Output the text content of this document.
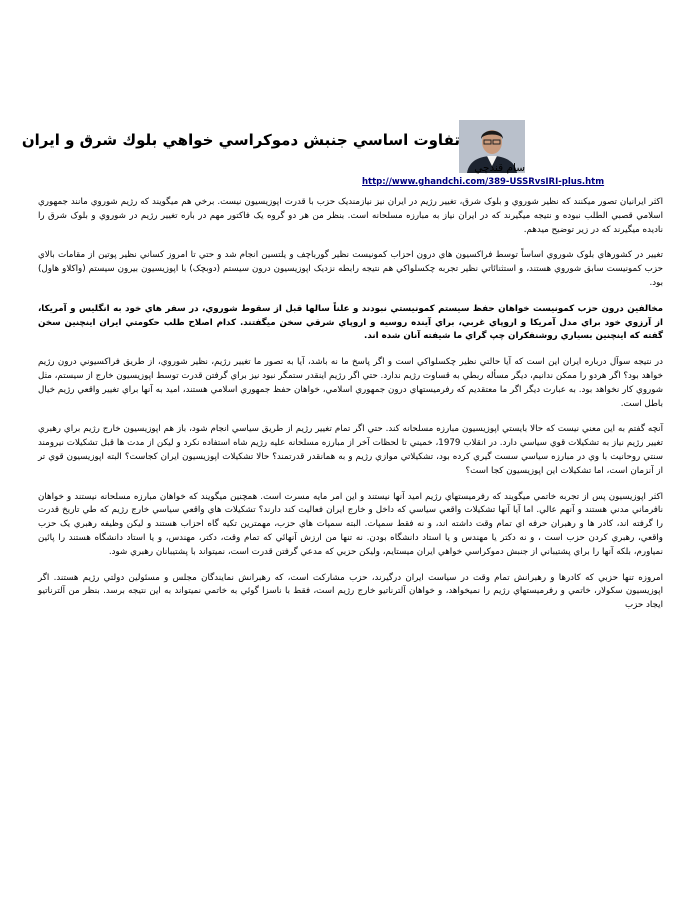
تفاوت اساسي جنبش دموكراسي خواهي بلوك شرق و ايران
سام قندچي
http://www.ghandchi.com/389-USSRvsIRI-plus.htm

اكثر ايرانيان تصور ميكنند كه نظير شوروي و بلوک شرق، تغيير رژيم در ايران نيز نيازمنديک حزب با قدرت اپوزيسيون نيست. برخي هم ميگويند كه رژيم شوروي مانند جمهوري اسلامي قصبي الطلب نبوده و نتيجه ميگيرند كه در ايران نياز به مبارزه مسلحانه است. بنظر من هر دو گروه يک فاكتور مهم در باره تغيير رژيم در شوروي و بلوک شرق را ناديده ميگيرند كه در زير توضيح ميدهم.

تغيير در كشورهاي بلوک شوروي اساساً توسط فراكسيون هاي درون احزاب كمونيست نظير گورباچف و يلتسين انجام شد و حتي تا امروز كساني نظير پوتين از مقامات بالاي حزب كمونيست سابق شوروي هستند، و استثنائاتي نظير تجربه چكسلواكي هم نتيجه رابطه نزديک اپوزيسيون درون سيستم (دوبچک) با اپوزيسيون بيرون سيستم (واكلاو هاول) بود.

مخالفين درون حزب كمونيست خواهان حفظ سيستم كمونيستي نبودند و علناً سالها قبل از سقوط شوروي، در سفر هاي خود به انگليس و آمريكا، از آرزوي خود براي مدل آمريكا و اروپاي غربي، براي آينده روسيه و اروپاي شرقي سخن ميگفتند. كدام اصلاح طلب حكومتي ايران اينچنين سخن گفته كه اينچنين بسياري روشنفكران چپ گراي ما شيفته آنان شده اند.

در نتيجه سوآل درباره ايران اين است كه آيا حالتي نظير چكسلواكي است و اگر پاسخ ما نه باشد، آيا به تصور ما تغيير رژيم، نظير شوروي، از طريق فراكسيوني درون رژيم خواهد بود؟ اگر هردو را ممكن ندانيم، ديگر مسأله ربطي به قساوت رژيم ندارد. حتي اگر رژيم اينقدر ستمگر نبود نيز براي گرفتن قدرت توسط اپوزيسيون خارج از سيستم، مثل شوروي كار نخواهد بود. به عبارت ديگر اگر ما معتقديم كه رفرميستهاي درون جمهوري اسلامي، خواهان حفظ جمهوري اسلامي هستند، اميد به آنها براي تغيير واقعي رژيم خيال باطل است.

آنچه گفتم به اين معني نيست كه حالا بايستي اپوزيسيون مبارزه مسلحانه كند. حتي اگر تمام تغيير رژيم از طريق سياسي انجام شود، باز هم اپوزيسيون خارج رژيم براي رهبري تغيير رژيم نياز به تشكيلات قوي سياسي دارد. در انقلاب 1979، خميني تا لحظات آخر از مبارزه مسلحانه عليه رژيم شاه استفاده نكرد و ليكن از مدت ها قبل تشكيلات نيرومند سنتي روحانيت با وي در مبارزه سياسي سست گيري كرده بود، تشكيلاتي موازي رژيم و به همانقدر قدرتمند؟ حالا تشكيلات اپوزيسيون ايران كجاست؟ البته اپوزيسيون قوي تر از آنزمان است، اما تشكيلات اين اپوزيسيون كجا است؟

اكثر اپوزيسيون پس از تجربه خاتمي ميگويند كه رفرميستهاي رژيم اميد آنها نيستند و اين امر مايه مسرت است. همچنين ميگويند كه خواهان مبارزه مسلحانه نيستند و خواهان نافرماني مدني هستند و آنهم عالي. اما آيا آنها تشكيلات واقعي سياسي كه داخل و خارج ايران فعاليت كند دارند؟ تشكيلات هاي واقعي سياسي خارج رژيم كه طي تاريخ قدرت را گرفته اند، كادر ها و رهبران حرفه اي تمام وقت داشته اند، و نه فقط سمپات. البته سمپات هاي حزب، مهمترين تكيه گاه احزاب هستند و ليكن وظيفه رهبري يک حزب واقعي، رهبري كردن حزب است ، و نه دكتر يا مهندس و يا استاد دانشگاه بودن. نه تنها من ارزش آنهائي كه تمام وقت، دكتر، مهندس، و يا استاد دانشگاه هستند را پائين نمياورم، بلكه آنها را براي پشتيباني از جنبش دموكراسي خواهي ايران ميستايم، وليكن حزبي كه مدعي گرفتن قدرت است، نميتواند با پشتيبانان رهبري شود.

امروزه تنها حزبي كه كادرها و رهبرانش تمام وقت در سياست ايران درگيرند، حزب مشاركت است، كه رهبرانش نمايندگان مجلس و مسئولين دولتي رژيم هستند. اگر اپوزيسيون سكولار، خاتمي و رفرميستهاي رژيم را نميخواهد، و خواهان آلترناتيو خارج رژيم است، فقط با ناسزا گوئي به خاتمي نميتواند به اين نتيجه برسد. بنظر من آلترناتيو ايجاد حزب
